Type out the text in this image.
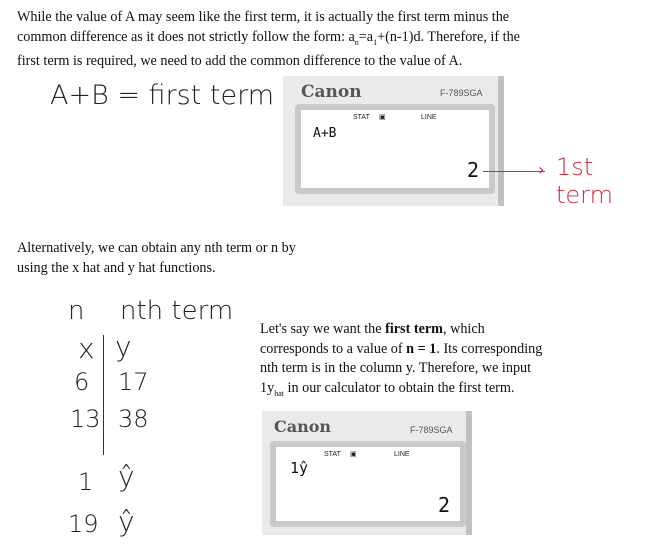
While the value of A may seem like the first term, it is actually the first term minus the
common difference as it does not strictly follow the form: $a_n=a_1+(n-1)d$. Therefore, if the
first term is required, we need to add the common difference to the value of A.
A+B = first term Canon	F-789SGA
STAT ▣	LINE
A+B
2	› 1st term
Alternatively, we can obtain any nth term or n by
using the x hat and y hat functions.
n nth term
x y
6 17
13 38
1 ŷ
19 ŷ
Let's say we want the first term, which
corresponds to a value of n = 1. Its corresponding
nth term is in the column y. Therefore, we input
$1y_{hat}$ in our calculator to obtain the first term.
Canon	F-789SGA
STAT ▣	LINE
1ŷ
2
